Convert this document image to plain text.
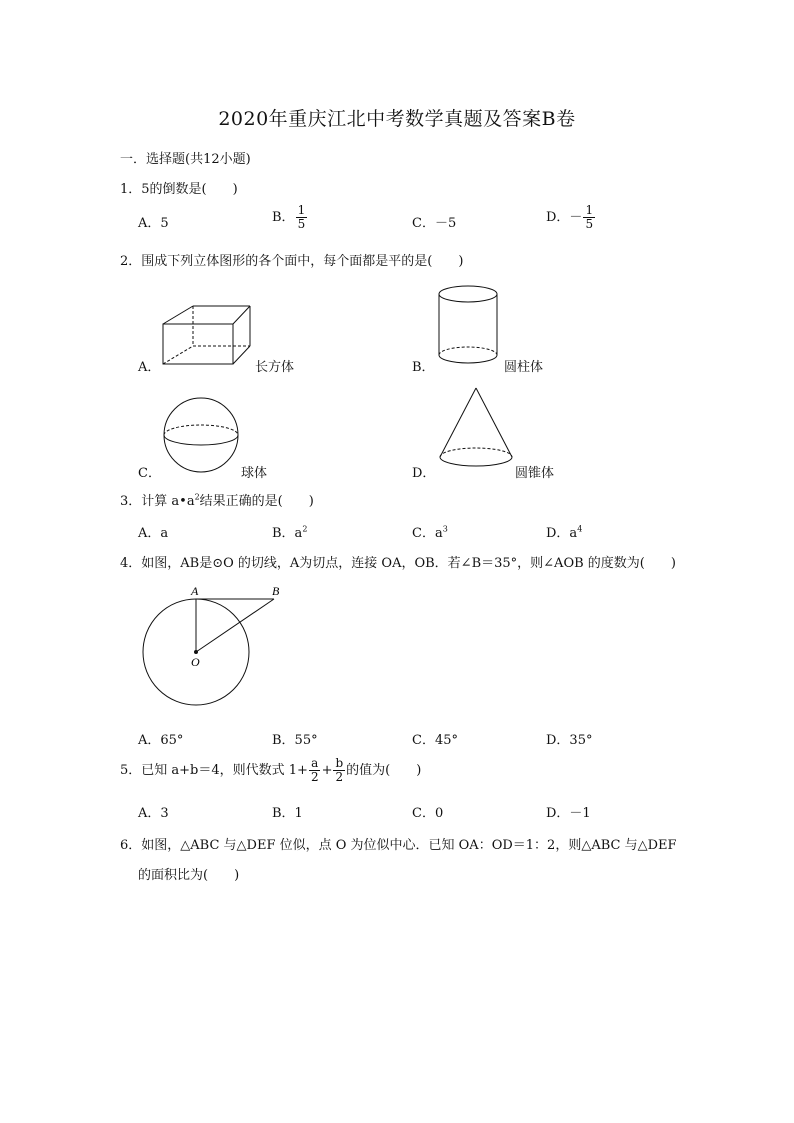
2020年重庆江北中考数学真题及答案B卷
一．选择题(共12小题)
1．5的倒数是(　　)
A．5	B． $\frac{1}{5}$	C．－5	D．－ $\frac{1}{5}$
2．围成下列立体图形的各个面中，每个面都是平的是(　　)
A．	长方体	B．	圆柱体
C．	球体	D．	圆锥体
3．计算 $a•a^2$结果正确的是(　　)
A．a	B．$a^2$	C．$a^3$	D．$a^4$
4．如图，AB是⊙O 的切线，A为切点，连接 OA，OB．若∠B＝35°，则∠AOB 的度数为(　　)
A	B
O
A．65°	B．55°	C．45°	D．35°
5．已知 a+b＝4，则代数式 $1+ \frac{a}{2} + \frac{b}{2}$ 的值为(　　)
A．3	B．1	C．0	D．－1
6．如图，△ABC 与△DEF 位似，点 O 为位似中心．已知 OA：OD＝1：2，则△ABC 与△DEF
的面积比为(　　)
